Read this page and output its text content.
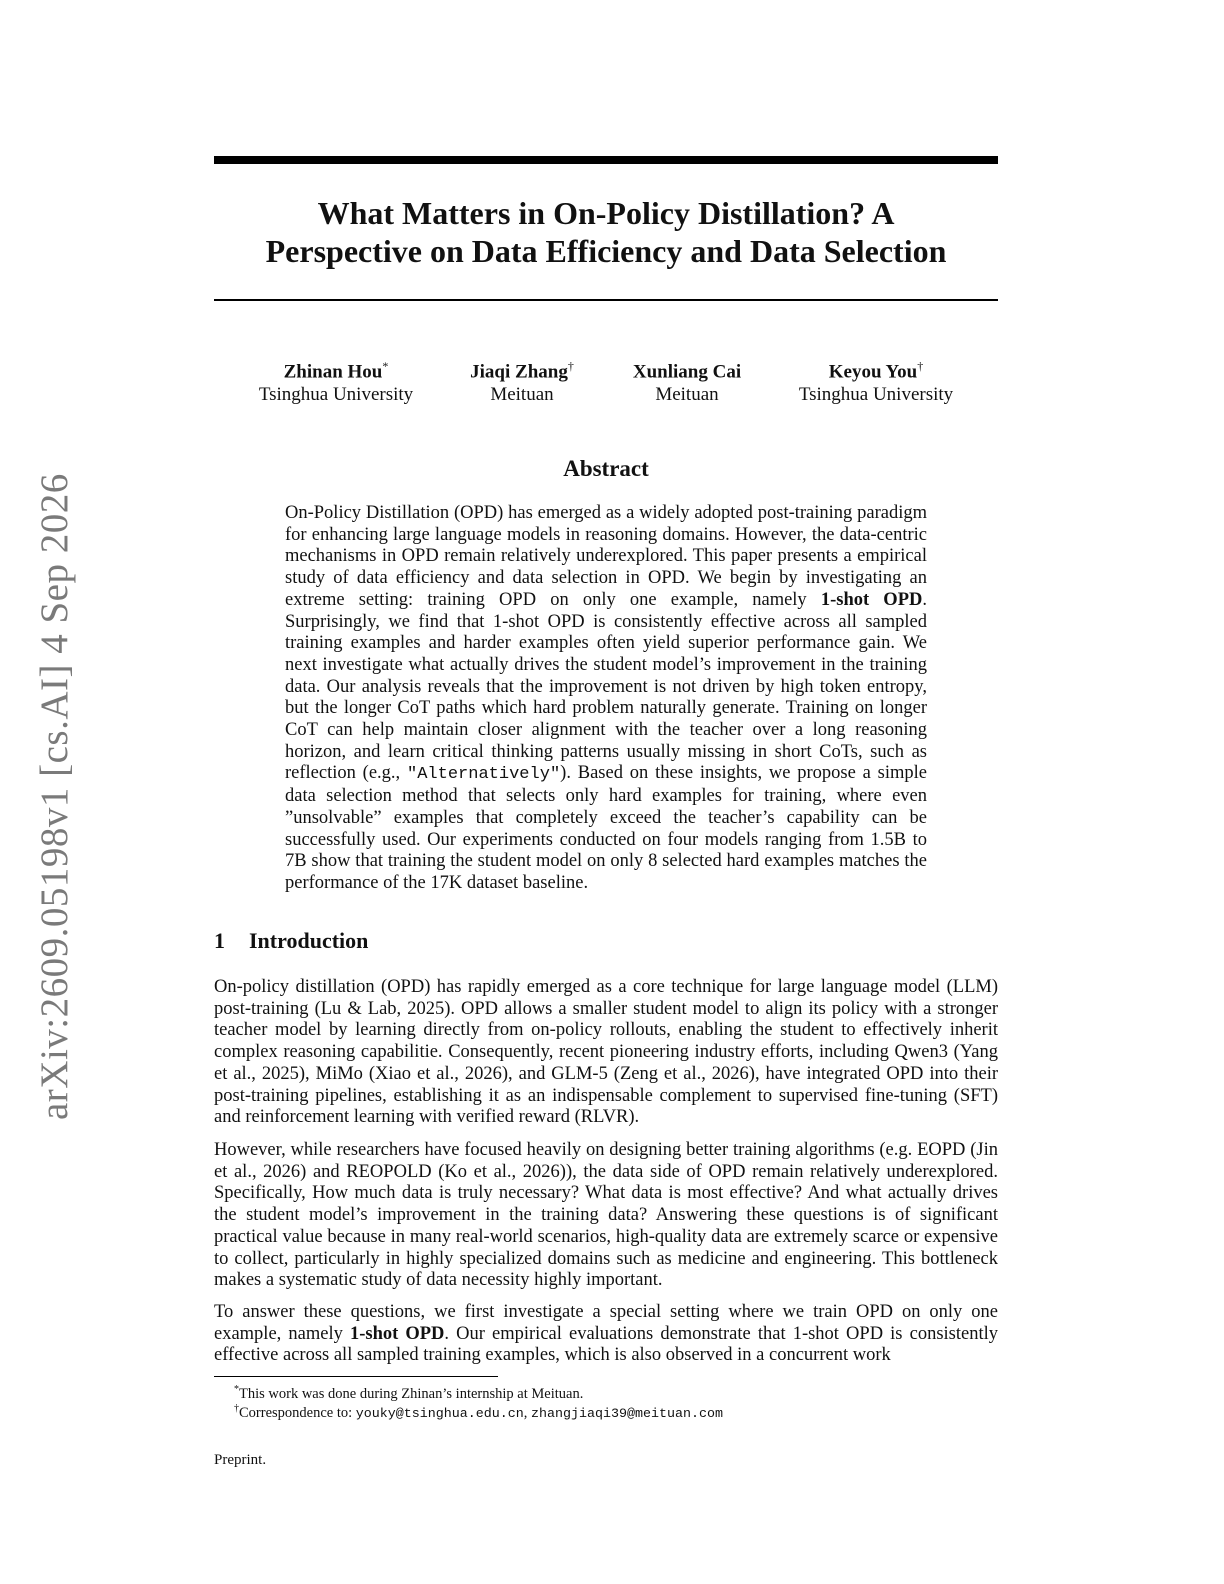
arXiv:2609.05198v1 [cs.AI] 4 Sep 2026
What Matters in On-Policy Distillation? A
Perspective on Data Efficiency and Data Selection
Zhinan Hou*
Tsinghua University
Jiaqi Zhang†
Meituan
Xunliang Cai
Meituan
Keyou You†
Tsinghua University
Abstract

On-Policy Distillation (OPD) has emerged as a widely adopted post-training paradigm for enhancing large language models in reasoning domains. However, the data-centric mechanisms in OPD remain relatively underexplored. This paper presents a empirical study of data efficiency and data selection in OPD. We begin by investigating an extreme setting: training OPD on only one example, namely 1-shot OPD. Surprisingly, we find that 1-shot OPD is consistently effective across all sampled training examples and harder examples often yield superior performance gain. We next investigate what actually drives the student model’s improvement in the training data. Our analysis reveals that the improvement is not driven by high token entropy, but the longer CoT paths which hard problem naturally generate. Training on longer CoT can help maintain closer alignment with the teacher over a long reasoning horizon, and learn critical thinking patterns usually missing in short CoTs, such as reflection (e.g., "Alternatively"). Based on these insights, we propose a simple data selection method that selects only hard examples for training, where even ”unsolvable” examples that completely exceed the teacher’s capability can be successfully used. Our experiments conducted on four models ranging from 1.5B to 7B show that training the student model on only 8 selected hard examples matches the performance of the 17K dataset baseline.

1 Introduction

On-policy distillation (OPD) has rapidly emerged as a core technique for large language model (LLM) post-training (Lu & Lab, 2025). OPD allows a smaller student model to align its policy with a stronger teacher model by learning directly from on-policy rollouts, enabling the student to effectively inherit complex reasoning capabilitie. Consequently, recent pioneering industry efforts, including Qwen3 (Yang et al., 2025), MiMo (Xiao et al., 2026), and GLM-5 (Zeng et al., 2026), have integrated OPD into their post-training pipelines, establishing it as an indispensable complement to supervised fine-tuning (SFT) and reinforcement learning with verified reward (RLVR).

However, while researchers have focused heavily on designing better training algorithms (e.g. EOPD (Jin et al., 2026) and REOPOLD (Ko et al., 2026)), the data side of OPD remain relatively underexplored. Specifically, How much data is truly necessary? What data is most effective? And what actually drives the student model’s improvement in the training data? Answering these questions is of significant practical value because in many real-world scenarios, high-quality data are extremely scarce or expensive to collect, particularly in highly specialized domains such as medicine and engineering. This bottleneck makes a systematic study of data necessity highly important.

To answer these questions, we first investigate a special setting where we train OPD on only one example, namely 1-shot OPD. Our empirical evaluations demonstrate that 1-shot OPD is consistently effective across all sampled training examples, which is also observed in a concurrent work

*This work was done during Zhinan’s internship at Meituan.
†Correspondence to: youky@tsinghua.edu.cn, zhangjiaqi39@meituan.com
Preprint.
